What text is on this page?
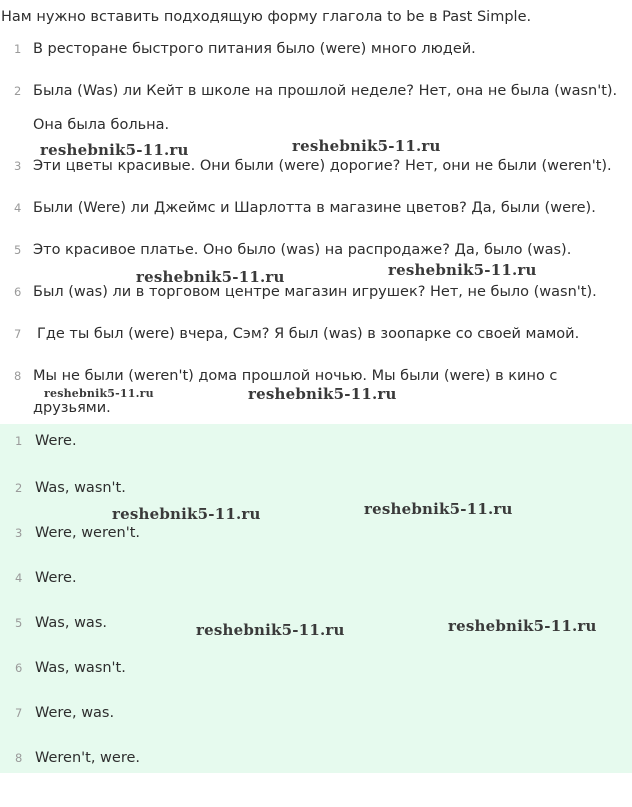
Нам нужно вставить подходящую форму глагола to be в Past Simple.
1 В ресторане быстрого питания было (were) много людей.
2 Была (Was) ли Кейт в школе на прошлой неделе? Нет, она не была (wasn't).
Она была больна.
3 Эти цветы красивые. Они были (were) дорогие? Нет, они не были (weren't).
4 Были (Were) ли Джеймс и Шарлотта в магазине цветов? Да, были (were).
5 Это красивое платье. Оно было (was) на распродаже? Да, было (was).
6 Был (was) ли в торговом центре магазин игрушек? Нет, не было (wasn't).
7 Где ты был (were) вчера, Сэм? Я был (was) в зоопарке со своей мамой.
8 Мы не были (weren't) дома прошлой ночью. Мы были (were) в кино с
друзьями.
1 Were.
2 Was, wasn't.
3 Were, weren't.
4 Were.
5 Was, was.
6 Was, wasn't.
7 Were, was.
8 Weren't, were.
reshebnik5-11.ru	reshebnik5-11.ru
reshebnik5-11.ru	reshebnik5-11.ru
reshebnik5-11.ru	reshebnik5-11.ru
reshebnik5-11.ru	reshebnik5-11.ru
reshebnik5-11.ru	reshebnik5-11.ru
